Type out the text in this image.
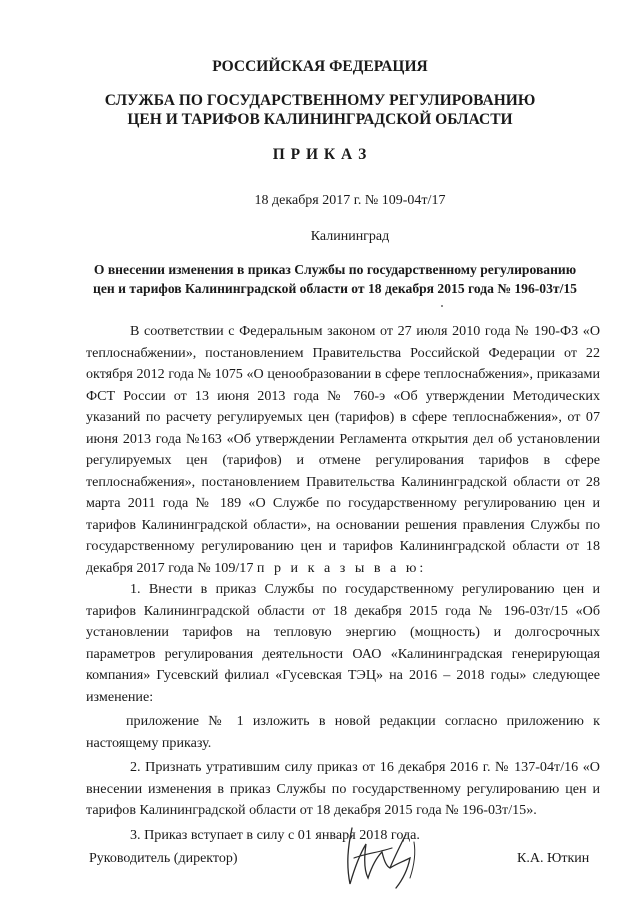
РОССИЙСКАЯ ФЕДЕРАЦИЯ
СЛУЖБА ПО ГОСУДАРСТВЕННОМУ РЕГУЛИРОВАНИЮ
ЦЕН И ТАРИФОВ КАЛИНИНГРАДСКОЙ ОБЛАСТИ
П Р И К А З
18 декабря 2017 г. № 109-04т/17
Калининград
О внесении изменения в приказ Службы по государственному регулированию
цен и тарифов Калининградской области от 18 декабря 2015 года № 196-03т/15

В соответствии с Федеральным законом от 27 июля 2010 года № 190-ФЗ «О теплоснабжении», постановлением Правительства Российской Федерации от 22 октября 2012 года № 1075 «О ценообразовании в сфере теплоснабжения», приказами ФСТ России от 13 июня 2013 года № 760-э «Об утверждении Методических указаний по расчету регулируемых цен (тарифов) в сфере теплоснабжения», от 07 июня 2013 года №163 «Об утверждении Регламента открытия дел об установлении регулируемых цен (тарифов) и отмене регулирования тарифов в сфере теплоснабжения», постановлением Правительства Калининградской области от 28 марта 2011 года № 189 «О Службе по государственному регулированию цен и тарифов Калининградской области», на основании решения правления Службы по государственному регулированию цен и тарифов Калининградской области от 18 декабря 2017 года № 109/17 п р и к а з ы в а ю:

1. Внести в приказ Службы по государственному регулированию цен и тарифов Калининградской области от 18 декабря 2015 года № 196-03т/15 «Об установлении тарифов на тепловую энергию (мощность) и долгосрочных параметров регулирования деятельности ОАО «Калининградская генерирующая компания» Гусевский филиал «Гусевская ТЭЦ» на 2016 – 2018 годы» следующее изменение:

приложение № 1 изложить в новой редакции согласно приложению к настоящему приказу.

2. Признать утратившим силу приказ от 16 декабря 2016 г. № 137-04т/16 «О внесении изменения в приказ Службы по государственному регулированию цен и тарифов Калининградской области от 18 декабря 2015 года № 196-03т/15».

3. Приказ вступает в силу с 01 января 2018 года.

Руководитель (директор)	К.А. Юткин
